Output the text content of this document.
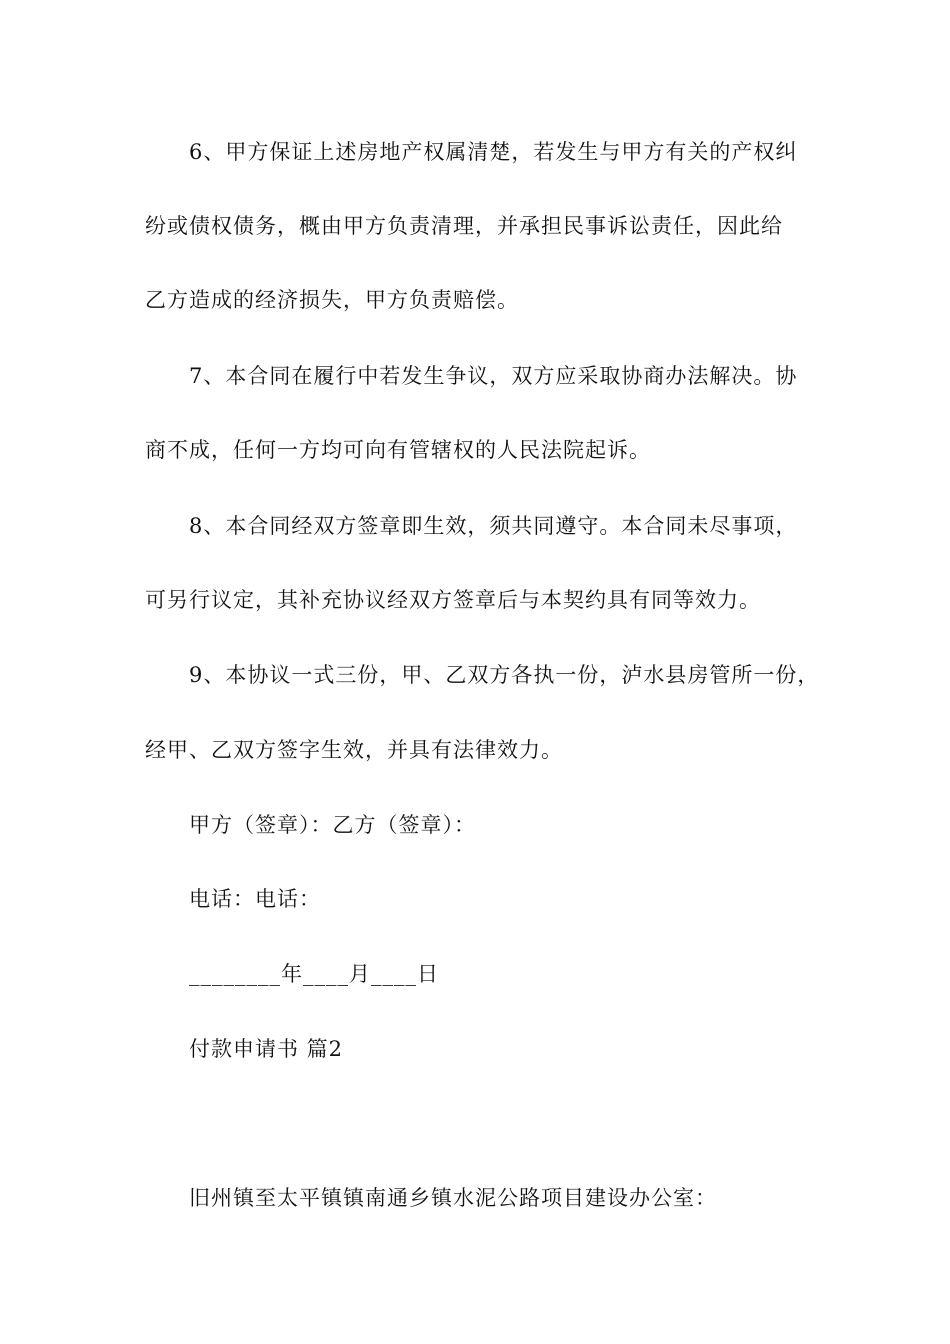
6、甲方保证上述房地产权属清楚，若发生与甲方有关的产权纠
纷或债权债务，概由甲方负责清理，并承担民事诉讼责任，因此给
乙方造成的经济损失，甲方负责赔偿。
7、本合同在履行中若发生争议，双方应采取协商办法解决。协
商不成，任何一方均可向有管辖权的人民法院起诉。
8、本合同经双方签章即生效，须共同遵守。本合同未尽事项，
可另行议定，其补充协议经双方签章后与本契约具有同等效力。
9、本协议一式三份，甲、乙双方各执一份，泸水县房管所一份，
经甲、乙双方签字生效，并具有法律效力。
甲方（签章）：乙方（签章）：
电话：电话：
________年____月____日
付款申请书 篇2
旧州镇至太平镇镇南通乡镇水泥公路项目建设办公室：
